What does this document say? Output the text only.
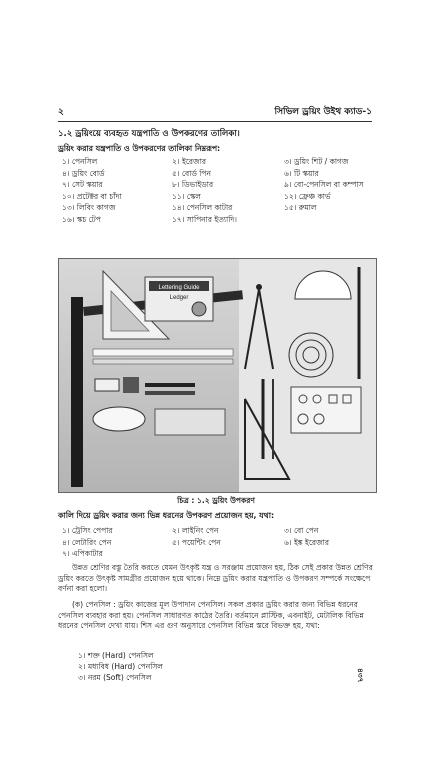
২	সিভিল ড্রয়িং উইথ ক্যাড-১
১.২ ড্রয়িংয়ে ব্যবহৃত যন্ত্রপাতি ও উপকরণের তালিকা।
ড্রয়িং করার যন্ত্রপাতি ও উপকরণের তালিকা নিম্নরূপ:
১। পেনসিল	২। ইরেজার	৩। ড্রয়িং শিট / কাগজ
৪। ড্রয়িং বোর্ড	৫। বোর্ড পিন	৬। টি স্কয়ার
৭। সেট স্কয়ার	৮। ডিভাইডার	৯। বো-পেনসিল বা কম্পাস
১০। প্রটেক্টর বা চাঁদা	১১। স্কেল	১২। ফ্রেঞ্চ কার্ভ
১৩। লিবিং কাগজ	১৪। পেনসিল কাটার	১৫। রুমাল
১৬। স্কচ টেপ	১৭। সাপিনার ইত্যাদি।
Lettering Guide
Ledger
চিত্র : ১.২ ড্রয়িং উপকরণ
কালি দিয়ে ড্রয়িং করার জন্য ভিন্ন ধরনের উপকরণ প্রয়োজন হয়, যথা:
১। ট্রেসিং পেপার	২। লাইনিং পেন	৩। বো পেন
৪। লেটারিং পেন	৫। পয়েন্টিং পেন	৬। ইঙ্ক ইরেজার
৭। এপিকাটার
উন্নত শ্রেণির বস্তু তৈরি করতে যেমন উৎকৃষ্ট যন্ত্র ও সরঞ্জাম প্রয়োজন হয়, ঠিক সেই প্রকার উন্নত শ্রেণির ড্রয়িং করতে উৎকৃষ্ট সামগ্রীর প্রয়োজন হয়ে থাকে। নিম্নে ড্রয়িং করার যন্ত্রপাতি ও উপকরণ সম্পর্কে সংক্ষেপে বর্ণনা করা হলো।
(ক) পেনসিল : ড্রয়িং কাজের মূল উপাদান পেনসিল। সকল প্রকার ড্রয়িং করার জন্য বিভিন্ন ধরনের পেনসিল ব্যবহার করা হয়। পেনসিল সাধারণত কাঠের তৈরি। বর্তমানে প্লাস্টিক, এবনাইট, মেটালিক বিভিন্ন ধরনের পেনসিল দেখা যায়। শিস এর গুণ অনুসারে পেনসিল বিভিন্ন স্তরে বিভক্ত হয়, যথা:
১। শক্ত (Hard) পেনসিল
২। মধ্যবিধ (Hard) পেনসিল
৩। নরম (Soft) পেনসিল	৪৩৭
